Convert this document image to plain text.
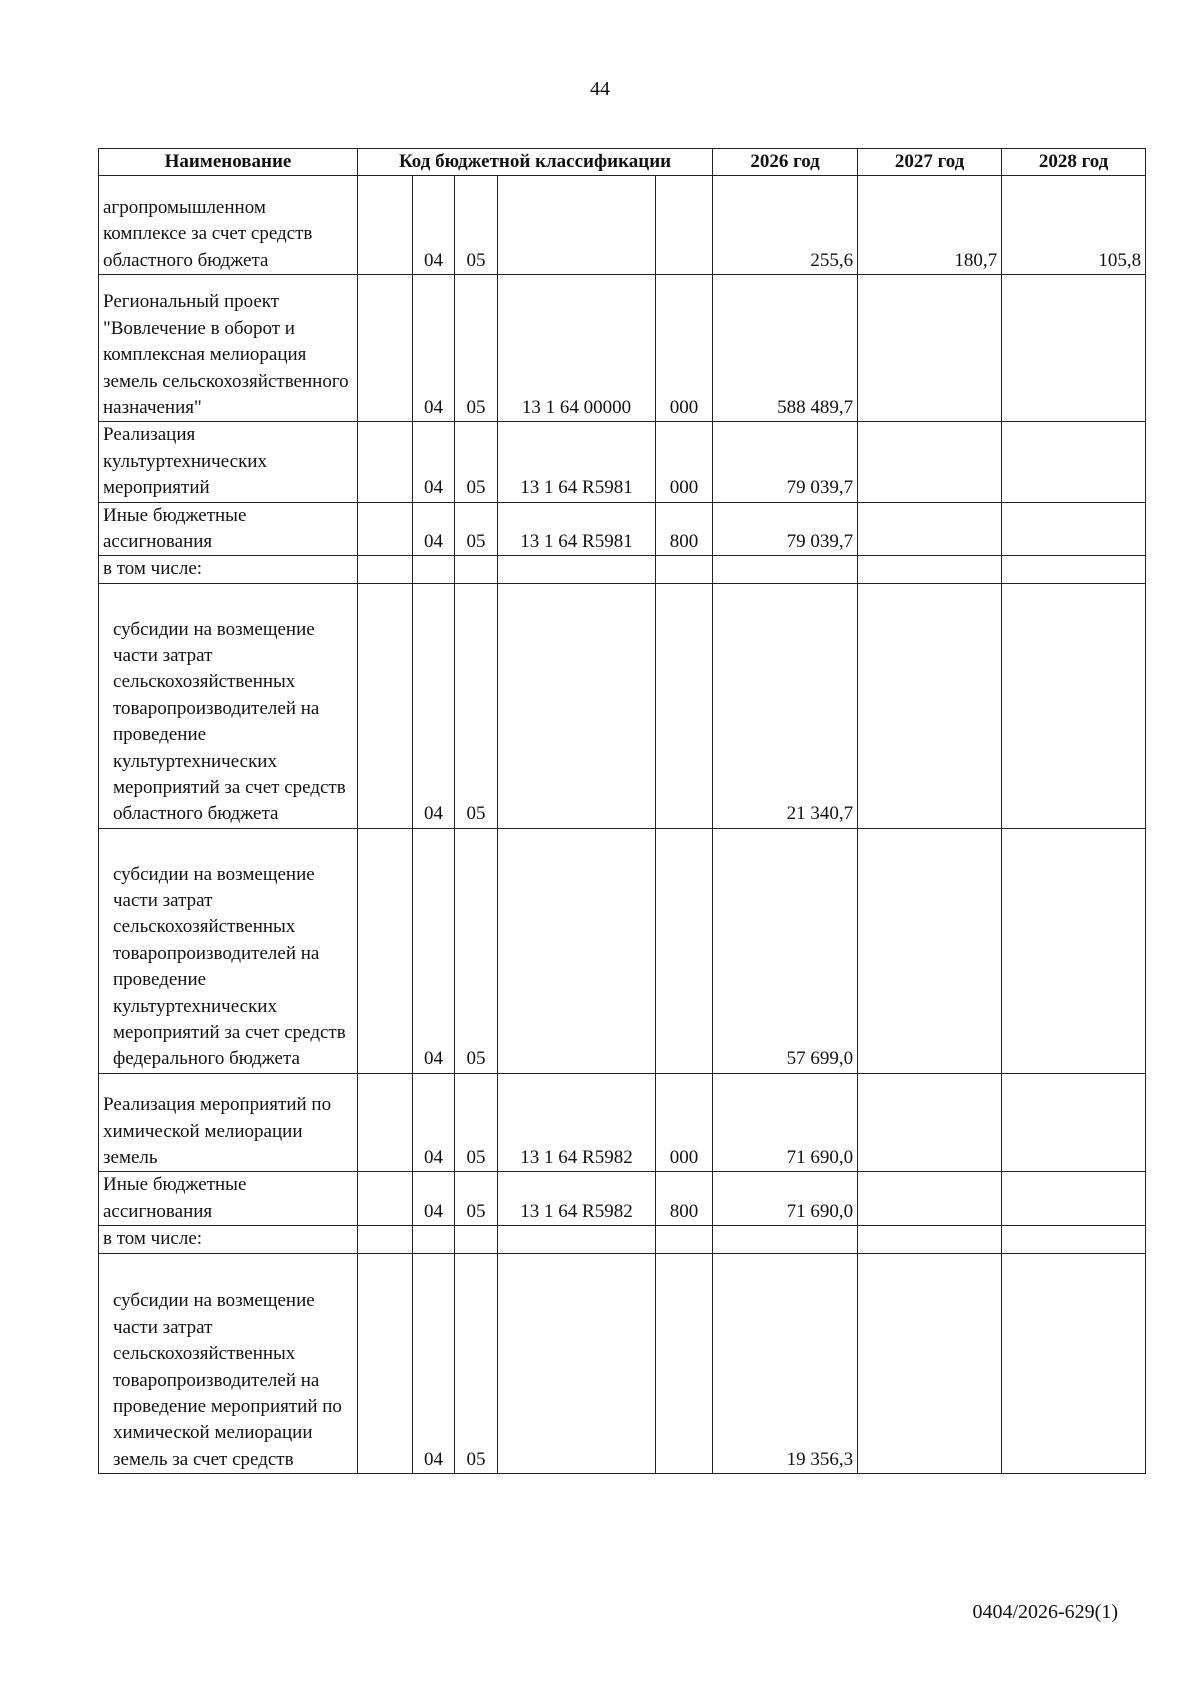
44
Наименование	Код бюджетной классификации					2026 год	2027 год	2028 год
агропромышленном комплексе за счет средств областного бюджета		04	05			255,6	180,7	105,8
Региональный проект "Вовлечение в оборот и комплексная мелиорация земель сельскохозяйственного назначения"		04	05	13 1 64 00000	000	588 489,7		
Реализация культуртехнических мероприятий		04	05	13 1 64 R5981	000	79 039,7		
Иные бюджетные ассигнования		04	05	13 1 64 R5981	800	79 039,7		
в том числе:								
субсидии на возмещение части затрат сельскохозяйственных товаропроизводителей на проведение культуртехнических мероприятий за счет средств областного бюджета		04	05			21 340,7		
субсидии на возмещение части затрат сельскохозяйственных товаропроизводителей на проведение культуртехнических мероприятий за счет средств федерального бюджета		04	05			57 699,0		
Реализация мероприятий по химической мелиорации земель		04	05	13 1 64 R5982	000	71 690,0		
Иные бюджетные ассигнования		04	05	13 1 64 R5982	800	71 690,0		
в том числе:								
субсидии на возмещение части затрат сельскохозяйственных товаропроизводителей на проведение мероприятий по химической мелиорации земель за счет средств		04	05			19 356,3		
0404/2026-629(1)
